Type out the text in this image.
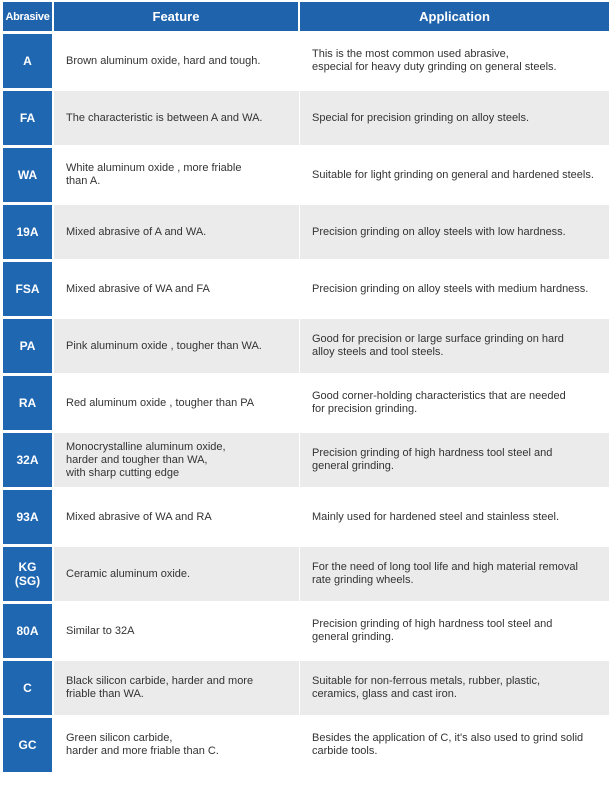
Abrasive	Feature	Application
A	Brown aluminum oxide, hard and tough.	This is the most common used abrasive,
especial for heavy duty grinding on general steels.
FA	The characteristic is between A and WA.	Special for precision grinding on alloy steels.
WA	White aluminum oxide , more friable
than A.	Suitable for light grinding on general and hardened steels.
19A	Mixed abrasive of A and WA.	Precision grinding on alloy steels with low hardness.
FSA	Mixed abrasive of WA and FA	Precision grinding on alloy steels with medium hardness.
PA	Pink aluminum oxide , tougher than WA.	Good for precision or large surface grinding on hard
alloy steels and tool steels.
RA	Red aluminum oxide , tougher than PA	Good corner-holding characteristics that are needed
for precision grinding.
32A	Monocrystalline aluminum oxide,
harder and tougher than WA,
with sharp cutting edge	Precision grinding of high hardness tool steel and
general grinding.
93A	Mixed abrasive of WA and RA	Mainly used for hardened steel and stainless steel.
KG
(SG)	Ceramic aluminum oxide.	For the need of long tool life and high material removal
rate grinding wheels.
80A	Similar to 32A	Precision grinding of high hardness tool steel and
general grinding.
C	Black silicon carbide, harder and more
friable than WA.	Suitable for non-ferrous metals, rubber, plastic,
ceramics, glass and cast iron.
GC	Green silicon carbide,
harder and more friable than C.	Besides the application of C, it's also used to grind solid
carbide tools.
